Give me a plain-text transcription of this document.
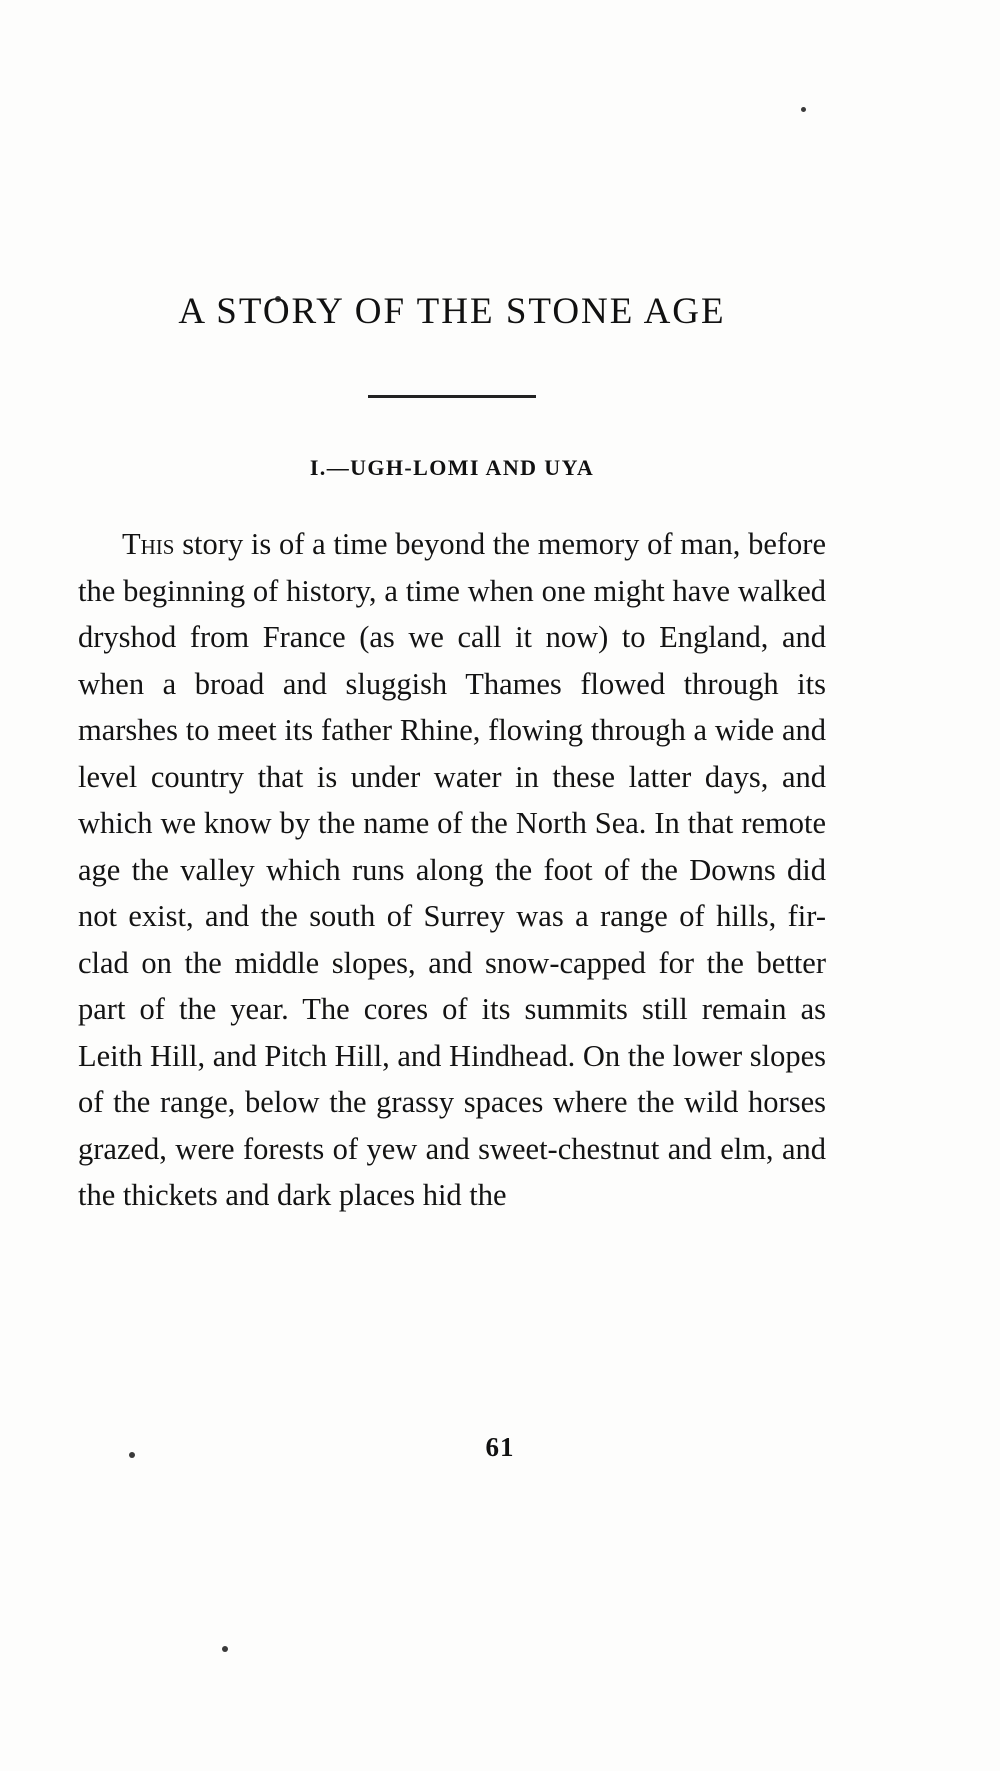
A STORY OF THE STONE AGE
I.—UGH-LOMI AND UYA

This story is of a time beyond the memory of man, before the beginning of history, a time when one might have walked dryshod from France (as we call it now) to England, and when a broad and sluggish Thames flowed through its marshes to meet its father Rhine, flowing through a wide and level country that is under water in these latter days, and which we know by the name of the North Sea. In that remote age the valley which runs along the foot of the Downs did not exist, and the south of Surrey was a range of hills, fir-clad on the middle slopes, and snow-capped for the better part of the year. The cores of its summits still remain as Leith Hill, and Pitch Hill, and Hindhead. On the lower slopes of the range, below the grassy spaces where the wild horses grazed, were forests of yew and sweet-chestnut and elm, and the thickets and dark places hid the

61
